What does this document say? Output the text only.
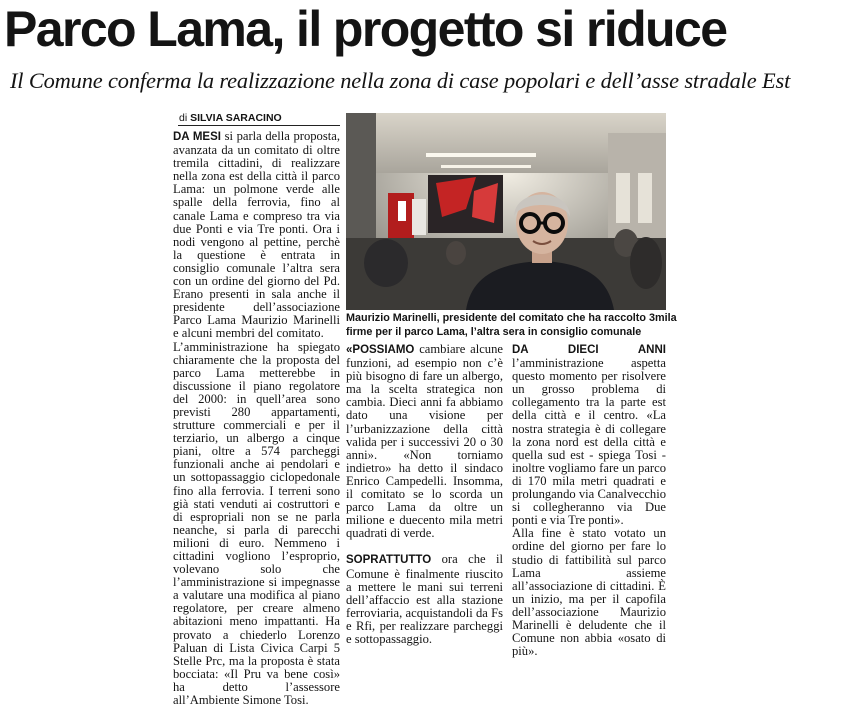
Parco Lama, il progetto si riduce
Il Comune conferma la realizzazione nella zona di case popolari e dell’asse stradale Est
di SILVIA SARACINO

DA MESI si parla della proposta, avanzata da un comitato di oltre tremila cittadini, di realizzare nella zona est della città il parco Lama: un polmone verde alle spalle della ferrovia, fino al canale Lama e compreso tra via due Ponti e via Tre ponti. Ora i nodi vengono al pettine, perchè la questione è entrata in consiglio comunale l’altra sera con un ordine del giorno del Pd. Erano presenti in sala anche il presidente dell’associazione Parco Lama Maurizio Marinelli e alcuni membri del comitato.

L’amministrazione ha spiegato chiaramente che la proposta del parco Lama metterebbe in discussione il piano regolatore del 2000: in quell’area sono previsti 280 appartamenti, strutture commerciali e per il terziario, un albergo a cinque piani, oltre a 574 parcheggi funzionali anche ai pendolari e un sottopassaggio ciclopedonale fino alla ferrovia. I terreni sono già stati venduti ai costruttori e di espropriali non se ne parla neanche, si parla di parecchi milioni di euro. Nemmeno i cittadini vogliono l’esproprio, volevano solo che l’amministrazione si impegnasse a valutare una modifica al piano regolatore, per creare almeno abitazioni meno impattanti. Ha provato a chiederlo Lorenzo Paluan di Lista Civica Carpi 5 Stelle Prc, ma la proposta è stata bocciata: «Il Pru va bene così» ha detto l’assessore all’Ambiente Simone Tosi.

Maurizio Marinelli, presidente del comitato che ha raccolto 3mila
firme per il parco Lama, l’altra sera in consiglio comunale

«POSSIAMO cambiare alcune funzioni, ad esempio non c’è più bisogno di fare un albergo, ma la scelta strategica non cambia. Dieci anni fa abbiamo dato una visione per l’urbanizzazione della città valida per i successivi 20 o 30 anni». «Non torniamo indietro» ha detto il sindaco Enrico Campedelli. Insomma, il comitato se lo scorda un parco Lama da oltre un milione e duecento mila metri quadrati di verde.

SOPRATTUTTO ora che il Comune è finalmente riuscito a mettere le mani sui terreni dell’affaccio est alla stazione ferroviaria, acquistandoli da Fs e Rfi, per realizzare parcheggi e sottopassaggio.

DA DIECI ANNI l’amministrazione aspetta questo momento per risolvere un grosso problema di collegamento tra la parte est della città e il centro. «La nostra strategia è di collegare la zona nord est della città e quella sud est - spiega Tosi - inoltre vogliamo fare un parco di 170 mila metri quadrati e prolungando via Canalvecchio si collegheranno via Due ponti e via Tre ponti».

Alla fine è stato votato un ordine del giorno per fare lo studio di fattibilità sul parco Lama assieme all’associazione di cittadini. È un inizio, ma per il capofila dell’associazione Maurizio Marinelli è deludente che il Comune non abbia «osato di più».
